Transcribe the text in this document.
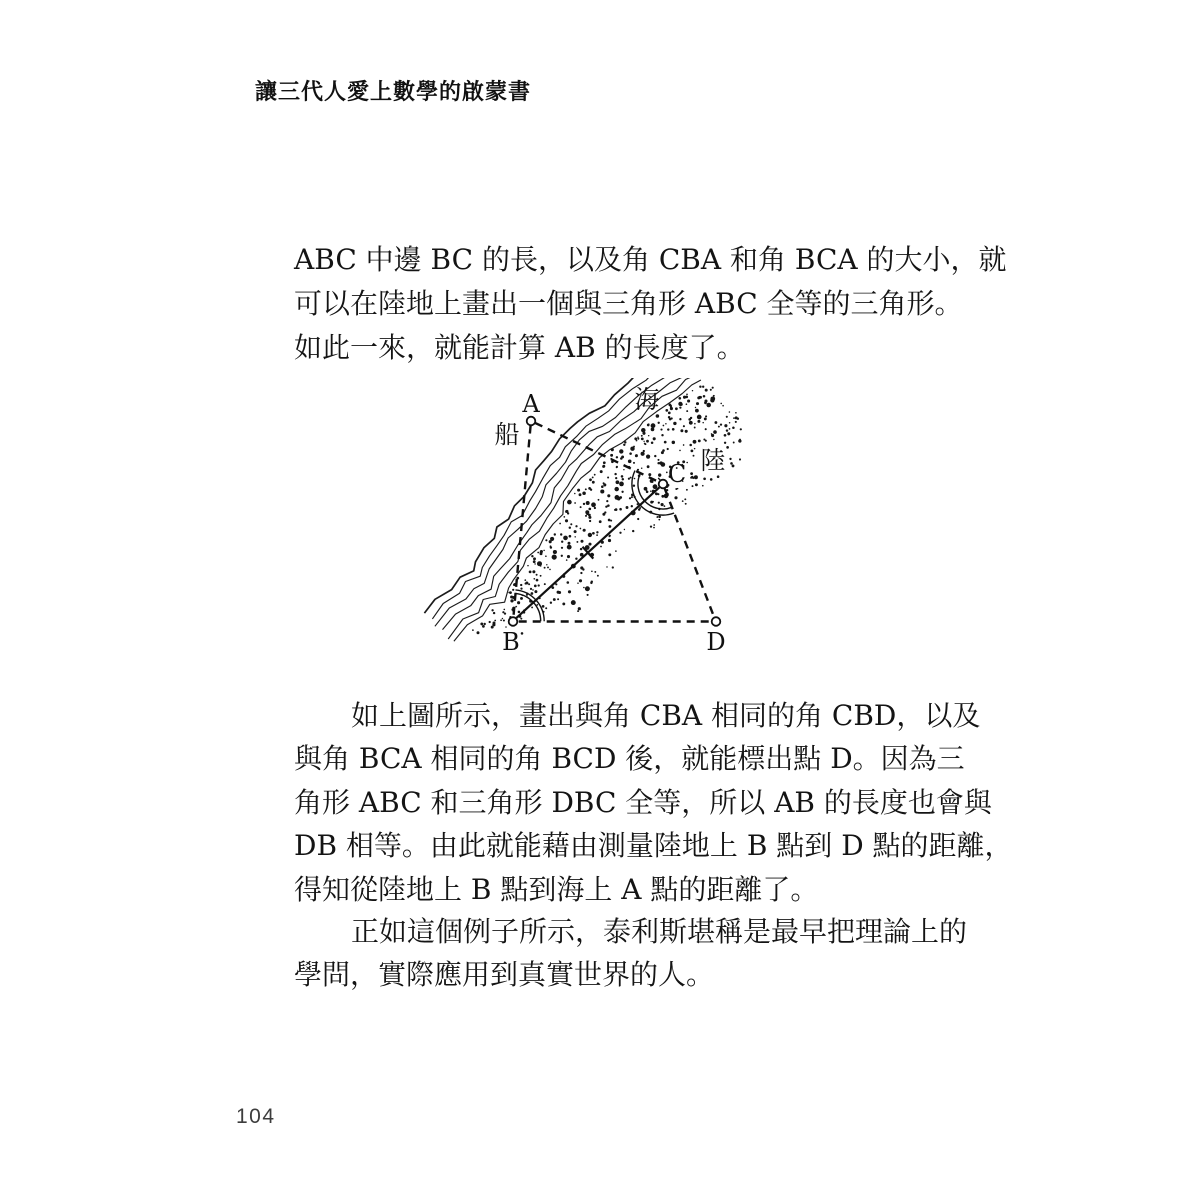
讓三代人愛上數學的啟蒙書
ABC 中邊 BC 的長，以及角 CBA 和角 BCA 的大小，就
可以在陸地上畫出一個與三角形 ABC 全等的三角形。
如此一來，就能計算 AB 的長度了。
A
B
C
D
船
海
陸
如上圖所示，畫出與角 CBA 相同的角 CBD，以及
與角 BCA 相同的角 BCD 後，就能標出點 D。因為三
角形 ABC 和三角形 DBC 全等，所以 AB 的長度也會與
DB 相等。由此就能藉由測量陸地上 B 點到 D 點的距離，
得知從陸地上 B 點到海上 A 點的距離了。
正如這個例子所示，泰利斯堪稱是最早把理論上的
學問，實際應用到真實世界的人。
104
